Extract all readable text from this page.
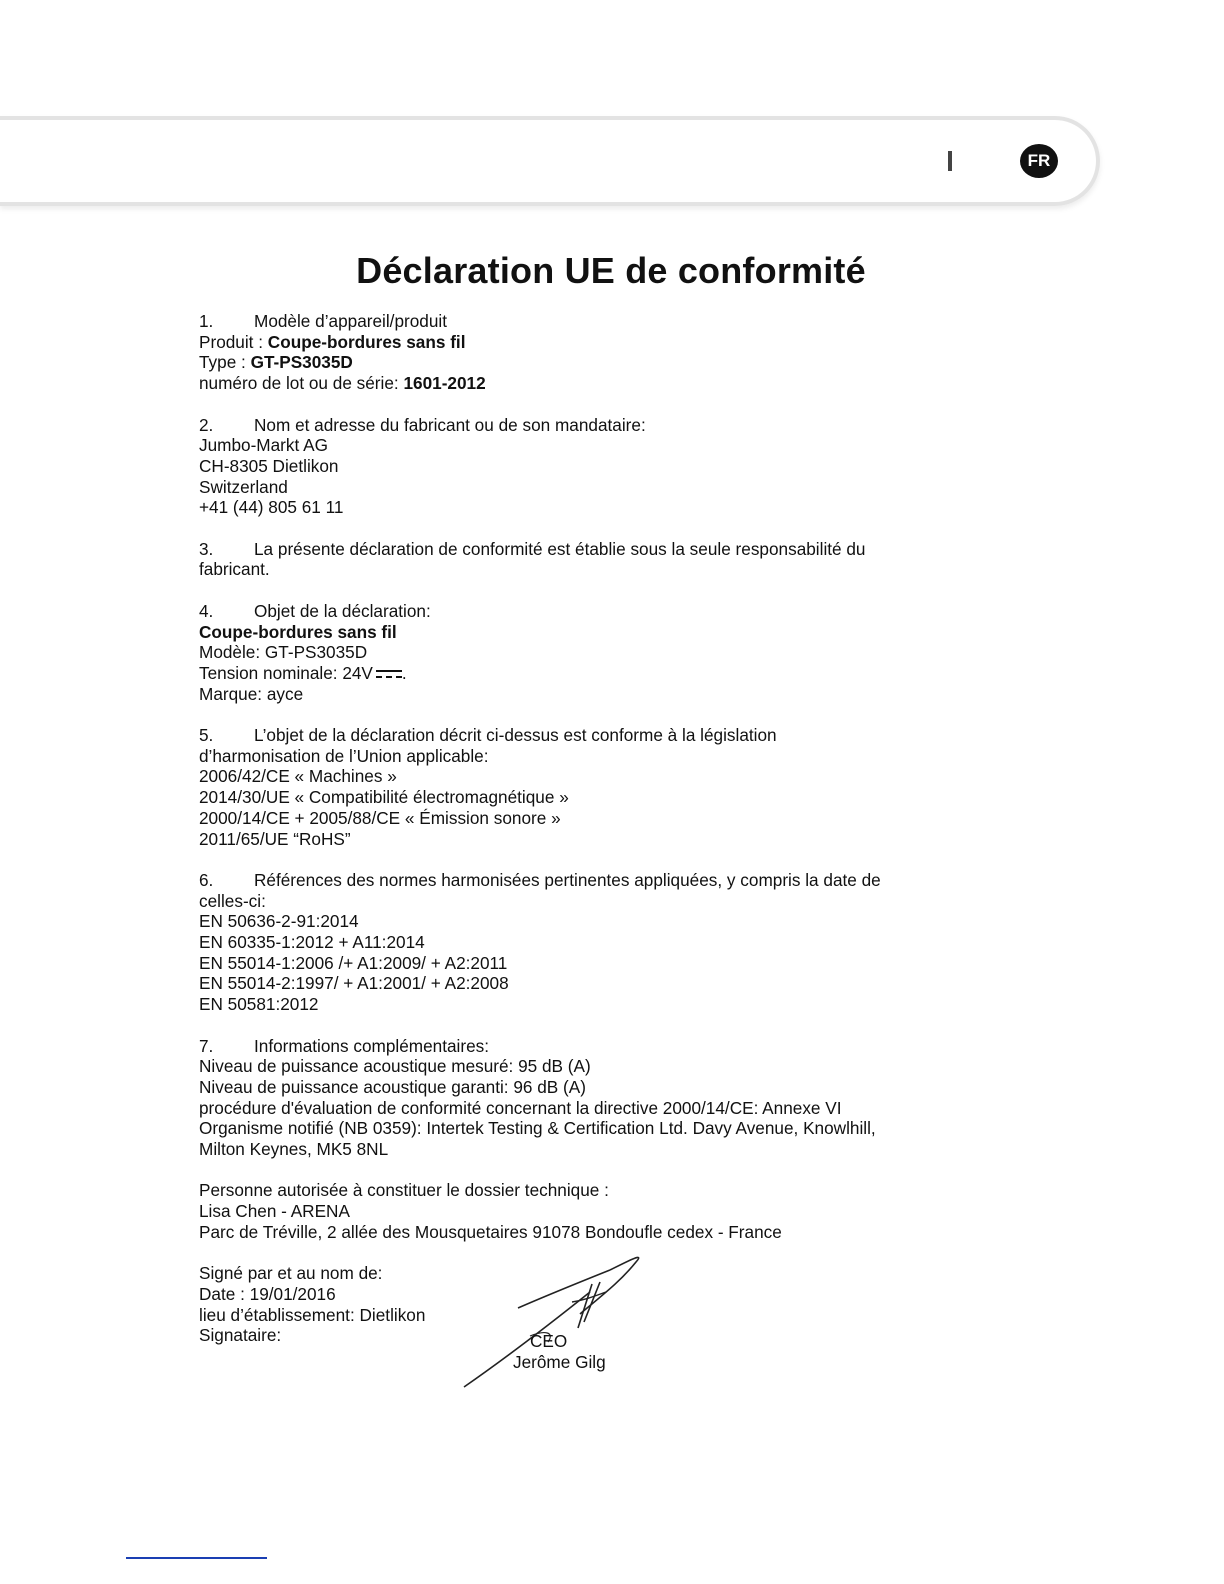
FR
Déclaration UE de conformité
1. Modèle d’appareil/produit
Produit : Coupe-bordures sans fil
Type : GT-PS3035D
numéro de lot ou de série: 1601-2012
2. Nom et adresse du fabricant ou de son mandataire:
Jumbo-Markt AG
CH-8305 Dietlikon
Switzerland
+41 (44) 805 61 11
3. La présente déclaration de conformité est établie sous la seule responsabilité du
fabricant.
4. Objet de la déclaration:
Coupe-bordures sans fil
Modèle: GT-PS3035D
Tension nominale: 24V .
Marque: ayce
5. L’objet de la déclaration décrit ci-dessus est conforme à la législation
d’harmonisation de l’Union applicable:
2006/42/CE « Machines »
2014/30/UE « Compatibilité électromagnétique »
2000/14/CE + 2005/88/CE « Émission sonore »
2011/65/UE “RoHS”
6. Références des normes harmonisées pertinentes appliquées, y compris la date de
celles-ci:
EN 50636-2-91:2014
EN 60335-1:2012 + A11:2014
EN 55014-1:2006 /+ A1:2009/ + A2:2011
EN 55014-2:1997/ + A1:2001/ + A2:2008
EN 50581:2012
7. Informations complémentaires:
Niveau de puissance acoustique mesuré: 95 dB (A)
Niveau de puissance acoustique garanti: 96 dB (A)
procédure d'évaluation de conformité concernant la directive 2000/14/CE: Annexe VI
Organisme notifié (NB 0359): Intertek Testing & Certification Ltd. Davy Avenue, Knowlhill,
Milton Keynes, MK5 8NL
Personne autorisée à constituer le dossier technique :
Lisa Chen - ARENA
Parc de Tréville, 2 allée des Mousquetaires 91078 Bondoufle cedex - France
Signé par et au nom de:
Date : 19/01/2016
lieu d’établissement: Dietlikon
Signataire:	CEO
Jerôme Gilg
